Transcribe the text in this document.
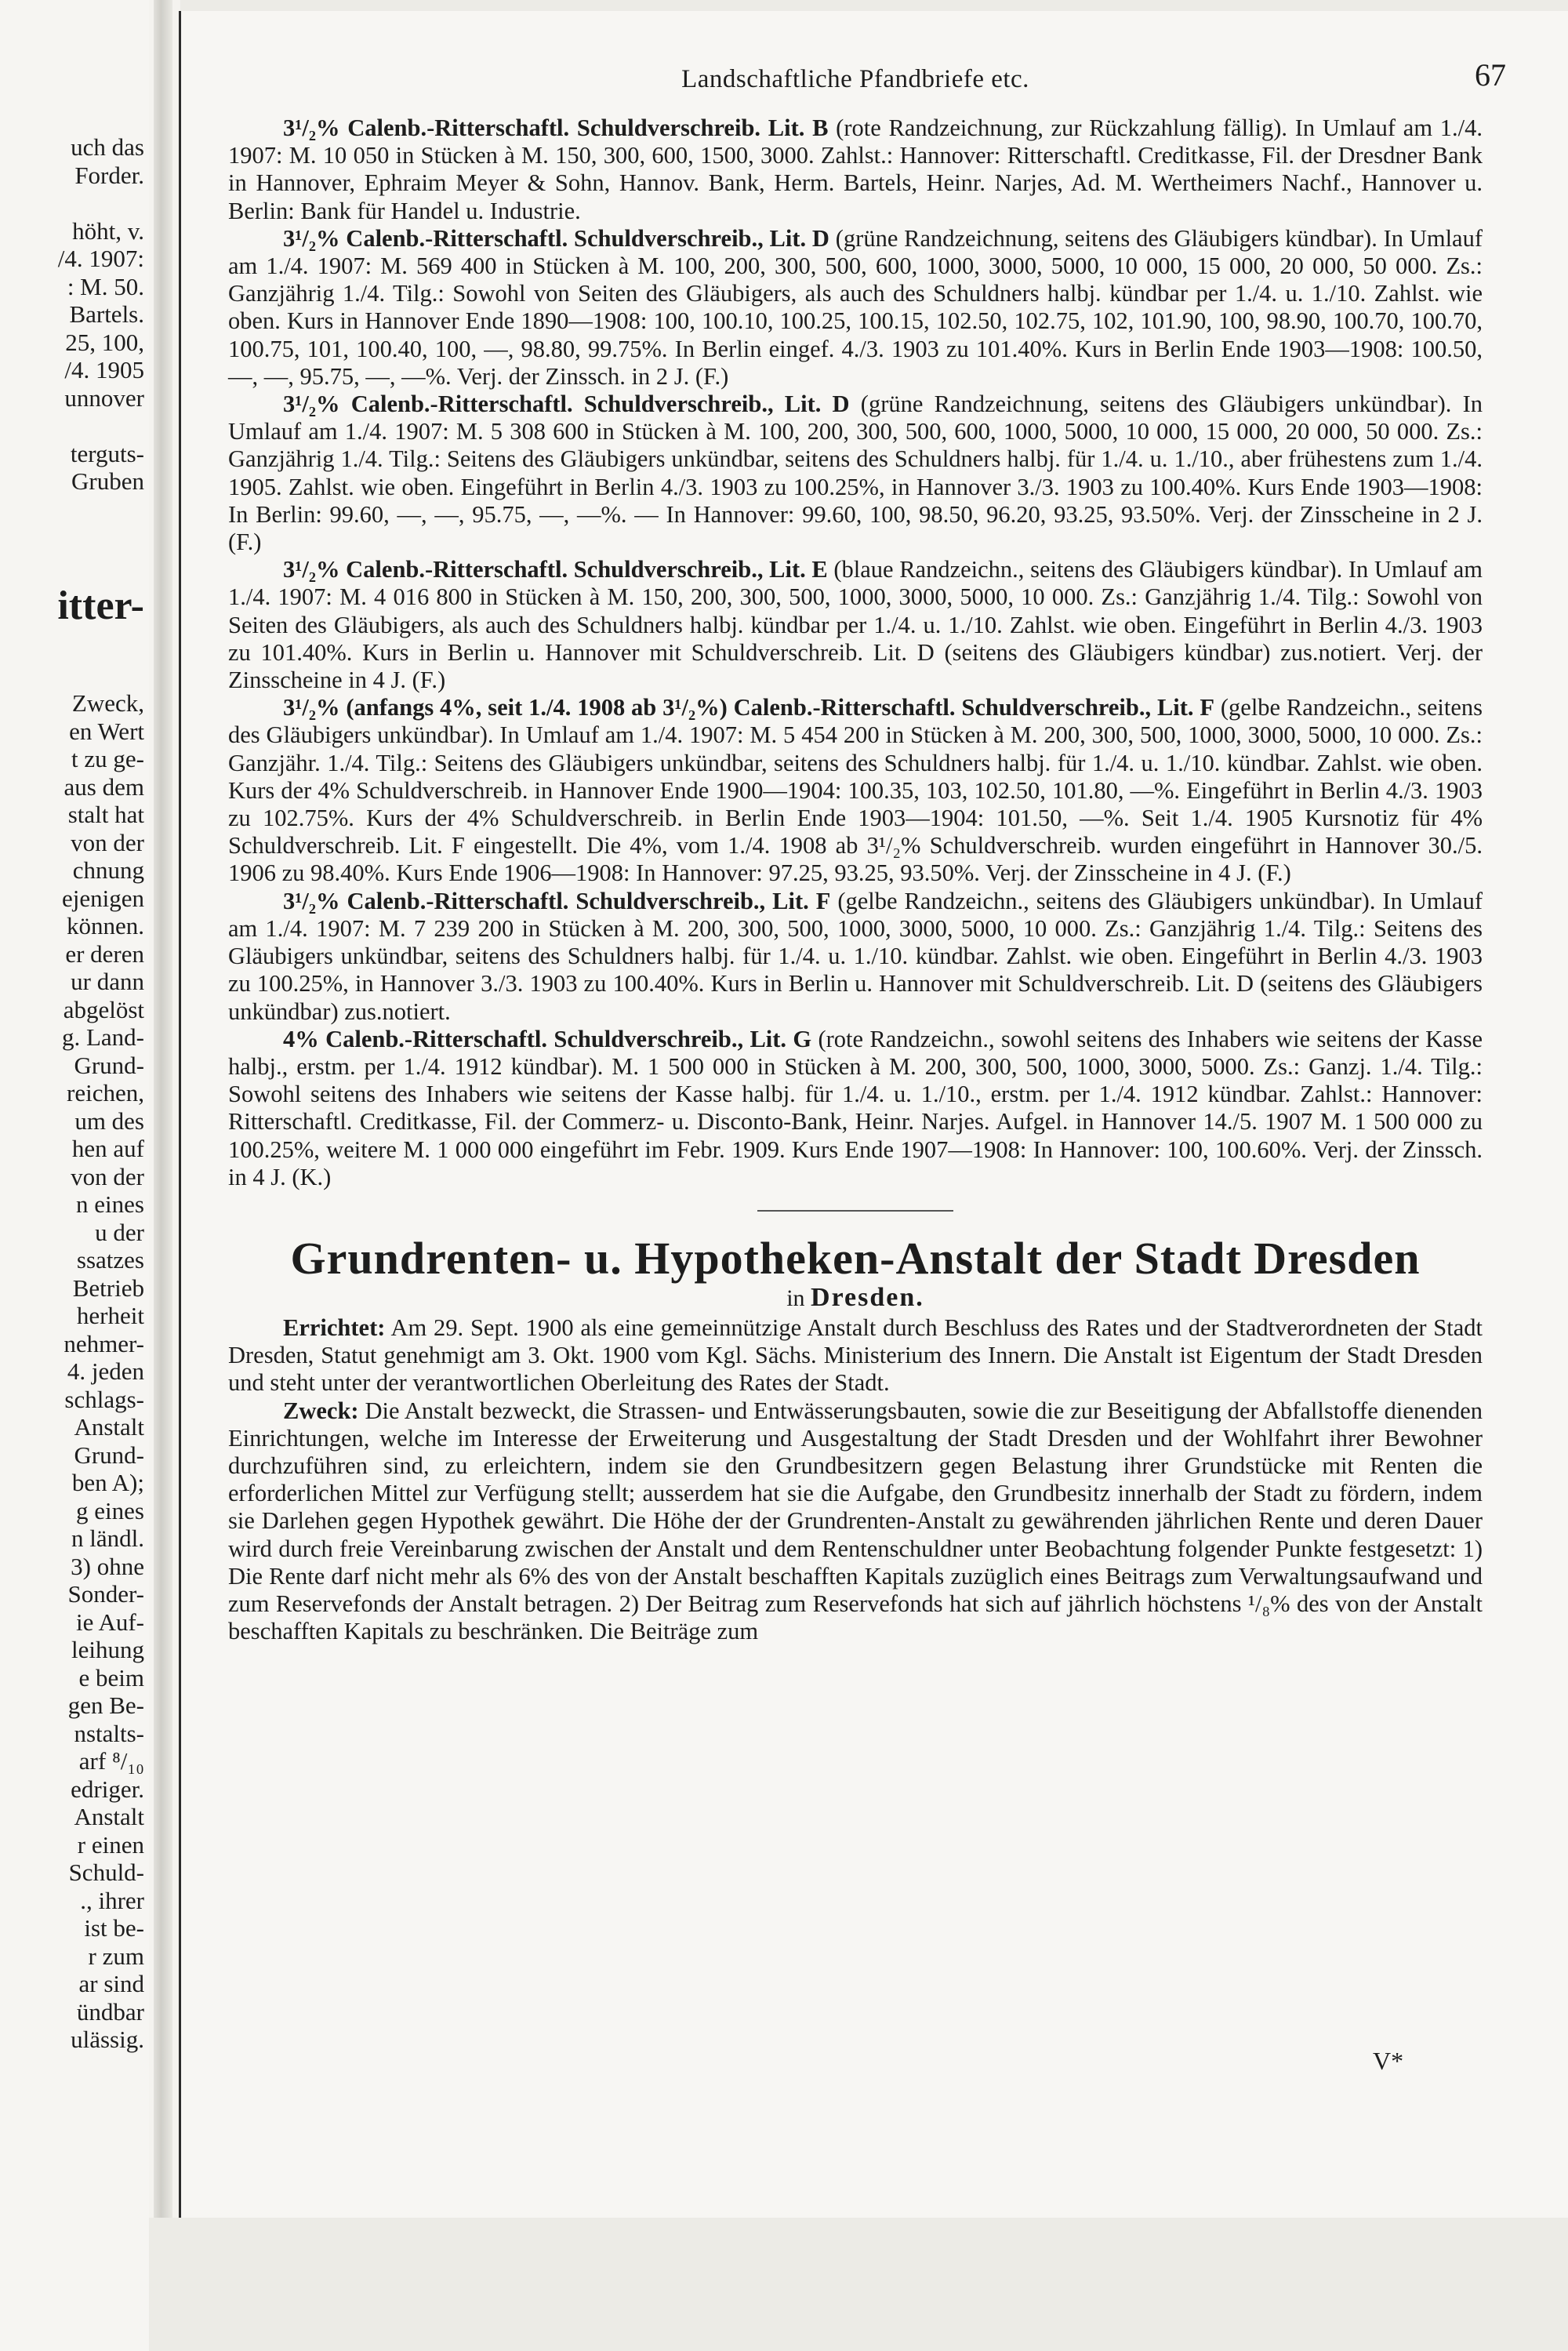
uch das
Forder.

höht, v.
/4. 1907:
: M. 50.
Bartels.
25, 100,
/4. 1905
unnover

terguts-
Gruben

itter-

Zweck,
en Wert
t zu ge-
aus dem
stalt hat
von der
chnung
ejenigen
können.
er deren
ur dann
abgelöst
g. Land-
Grund-
reichen,
um des
hen auf
von der
n eines
u der
ssatzes
Betrieb
herheit
nehmer-
4. jeden
schlags-
Anstalt
Grund-
ben A);
g eines
n ländl.
3) ohne
Sonder-
ie Auf-
leihung
e beim
gen Be-
nstalts-
arf ⁸/₁₀
edriger.
Anstalt
r einen
Schuld-
., ihrer
ist be-
r zum
ar sind
ündbar
ulässig.
Landschaftliche Pfandbriefe etc.	67

3¹/₂% Calenb.-Ritterschaftl. Schuldverschreib. Lit. B (rote Randzeichnung, zur Rückzahlung fällig). In Umlauf am 1./4. 1907: M. 10 050 in Stücken à M. 150, 300, 600, 1500, 3000. Zahlst.: Hannover: Ritterschaftl. Creditkasse, Fil. der Dresdner Bank in Hannover, Ephraim Meyer & Sohn, Hannov. Bank, Herm. Bartels, Heinr. Narjes, Ad. M. Wertheimers Nachf., Hannover u. Berlin: Bank für Handel u. Industrie.

3¹/₂% Calenb.-Ritterschaftl. Schuldverschreib., Lit. D (grüne Randzeichnung, seitens des Gläubigers kündbar). In Umlauf am 1./4. 1907: M. 569 400 in Stücken à M. 100, 200, 300, 500, 600, 1000, 3000, 5000, 10 000, 15 000, 20 000, 50 000. Zs.: Ganzjährig 1./4. Tilg.: Sowohl von Seiten des Gläubigers, als auch des Schuldners halbj. kündbar per 1./4. u. 1./10. Zahlst. wie oben. Kurs in Hannover Ende 1890—1908: 100, 100.10, 100.25, 100.15, 102.50, 102.75, 102, 101.90, 100, 98.90, 100.70, 100.70, 100.75, 101, 100.40, 100, —, 98.80, 99.75%. In Berlin eingef. 4./3. 1903 zu 101.40%. Kurs in Berlin Ende 1903—1908: 100.50, —, —, 95.75, —, —%. Verj. der Zinssch. in 2 J. (F.)

3¹/₂% Calenb.-Ritterschaftl. Schuldverschreib., Lit. D (grüne Randzeichnung, seitens des Gläubigers unkündbar). In Umlauf am 1./4. 1907: M. 5 308 600 in Stücken à M. 100, 200, 300, 500, 600, 1000, 5000, 10 000, 15 000, 20 000, 50 000. Zs.: Ganzjährig 1./4. Tilg.: Seitens des Gläubigers unkündbar, seitens des Schuldners halbj. für 1./4. u. 1./10., aber frühestens zum 1./4. 1905. Zahlst. wie oben. Eingeführt in Berlin 4./3. 1903 zu 100.25%, in Hannover 3./3. 1903 zu 100.40%. Kurs Ende 1903—1908: In Berlin: 99.60, —, —, 95.75, —, —%. — In Hannover: 99.60, 100, 98.50, 96.20, 93.25, 93.50%. Verj. der Zinsscheine in 2 J. (F.)

3¹/₂% Calenb.-Ritterschaftl. Schuldverschreib., Lit. E (blaue Randzeichn., seitens des Gläubigers kündbar). In Umlauf am 1./4. 1907: M. 4 016 800 in Stücken à M. 150, 200, 300, 500, 1000, 3000, 5000, 10 000. Zs.: Ganzjährig 1./4. Tilg.: Sowohl von Seiten des Gläubigers, als auch des Schuldners halbj. kündbar per 1./4. u. 1./10. Zahlst. wie oben. Eingeführt in Berlin 4./3. 1903 zu 101.40%. Kurs in Berlin u. Hannover mit Schuldverschreib. Lit. D (seitens des Gläubigers kündbar) zus.notiert. Verj. der Zinsscheine in 4 J. (F.)

3¹/₂% (anfangs 4%, seit 1./4. 1908 ab 3¹/₂%) Calenb.-Ritterschaftl. Schuldverschreib., Lit. F (gelbe Randzeichn., seitens des Gläubigers unkündbar). In Umlauf am 1./4. 1907: M. 5 454 200 in Stücken à M. 200, 300, 500, 1000, 3000, 5000, 10 000. Zs.: Ganzjähr. 1./4. Tilg.: Seitens des Gläubigers unkündbar, seitens des Schuldners halbj. für 1./4. u. 1./10. kündbar. Zahlst. wie oben. Kurs der 4% Schuldverschreib. in Hannover Ende 1900—1904: 100.35, 103, 102.50, 101.80, —%. Eingeführt in Berlin 4./3. 1903 zu 102.75%. Kurs der 4% Schuldverschreib. in Berlin Ende 1903—1904: 101.50, —%. Seit 1./4. 1905 Kursnotiz für 4% Schuldverschreib. Lit. F eingestellt. Die 4%, vom 1./4. 1908 ab 3¹/₂% Schuldverschreib. wurden eingeführt in Hannover 30./5. 1906 zu 98.40%. Kurs Ende 1906—1908: In Hannover: 97.25, 93.25, 93.50%. Verj. der Zinsscheine in 4 J. (F.)

3¹/₂% Calenb.-Ritterschaftl. Schuldverschreib., Lit. F (gelbe Randzeichn., seitens des Gläubigers unkündbar). In Umlauf am 1./4. 1907: M. 7 239 200 in Stücken à M. 200, 300, 500, 1000, 3000, 5000, 10 000. Zs.: Ganzjährig 1./4. Tilg.: Seitens des Gläubigers unkündbar, seitens des Schuldners halbj. für 1./4. u. 1./10. kündbar. Zahlst. wie oben. Eingeführt in Berlin 4./3. 1903 zu 100.25%, in Hannover 3./3. 1903 zu 100.40%. Kurs in Berlin u. Hannover mit Schuldverschreib. Lit. D (seitens des Gläubigers unkündbar) zus.notiert.

4% Calenb.-Ritterschaftl. Schuldverschreib., Lit. G (rote Randzeichn., sowohl seitens des Inhabers wie seitens der Kasse halbj., erstm. per 1./4. 1912 kündbar). M. 1 500 000 in Stücken à M. 200, 300, 500, 1000, 3000, 5000. Zs.: Ganzj. 1./4. Tilg.: Sowohl seitens des Inhabers wie seitens der Kasse halbj. für 1./4. u. 1./10., erstm. per 1./4. 1912 kündbar. Zahlst.: Hannover: Ritterschaftl. Creditkasse, Fil. der Commerz- u. Disconto-Bank, Heinr. Narjes. Aufgel. in Hannover 14./5. 1907 M. 1 500 000 zu 100.25%, weitere M. 1 000 000 eingeführt im Febr. 1909. Kurs Ende 1907—1908: In Hannover: 100, 100.60%. Verj. der Zinssch. in 4 J. (K.)

Grundrenten- u. Hypotheken-Anstalt der Stadt Dresden
in Dresden.

Errichtet: Am 29. Sept. 1900 als eine gemeinnützige Anstalt durch Beschluss des Rates und der Stadtverordneten der Stadt Dresden, Statut genehmigt am 3. Okt. 1900 vom Kgl. Sächs. Ministerium des Innern. Die Anstalt ist Eigentum der Stadt Dresden und steht unter der verantwortlichen Oberleitung des Rates der Stadt.

Zweck: Die Anstalt bezweckt, die Strassen- und Entwässerungsbauten, sowie die zur Beseitigung der Abfallstoffe dienenden Einrichtungen, welche im Interesse der Erweiterung und Ausgestaltung der Stadt Dresden und der Wohlfahrt ihrer Bewohner durchzuführen sind, zu erleichtern, indem sie den Grundbesitzern gegen Belastung ihrer Grundstücke mit Renten die erforderlichen Mittel zur Verfügung stellt; ausserdem hat sie die Aufgabe, den Grundbesitz innerhalb der Stadt zu fördern, indem sie Darlehen gegen Hypothek gewährt. Die Höhe der der Grundrenten-Anstalt zu gewährenden jährlichen Rente und deren Dauer wird durch freie Vereinbarung zwischen der Anstalt und dem Rentenschuldner unter Beobachtung folgender Punkte festgesetzt: 1) Die Rente darf nicht mehr als 6% des von der Anstalt beschafften Kapitals zuzüglich eines Beitrags zum Verwaltungsaufwand und zum Reservefonds der Anstalt betragen. 2) Der Beitrag zum Reservefonds hat sich auf jährlich höchstens ¹/₈% des von der Anstalt beschafften Kapitals zu beschränken. Die Beiträge zum

V*
